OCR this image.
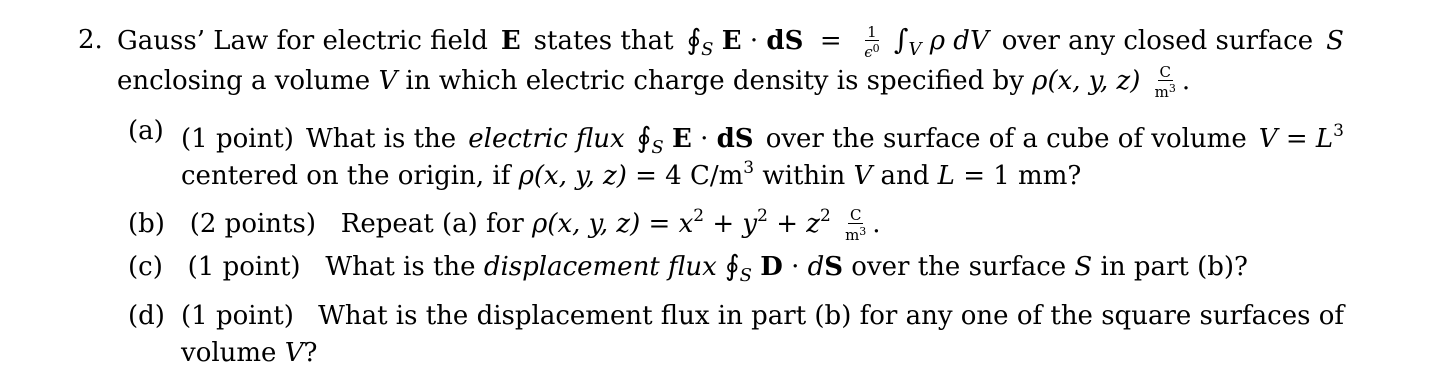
2. Gauss’ Law for electric field E states that $∮_S$ E · dS = $\frac{1}{\epsilon^0} \int_V$ ρ dV over any closed surface S
enclosing a volume V in which electric charge density is specified by ρ(x, y, $z) \frac{C}{m^3}$ .
(a) (1 point) What is the electric flux $∮_S$ E · dS over the surface of a cube of volume $V = L^3$
centered on the origin, if ρ(x, y, z) = 4 $C/m^3$ within V and L = 1 mm?
(b) (2 points) Repeat (a) for ρ(x, y, $z) = x^2 + y^2 + z^2 \frac{C}{m^3}$ .
(c) (1 point) What is the displacement flux $∮_S$ D · dS over the surface S in part (b)?
(d) (1 point) What is the displacement flux in part (b) for any one of the square surfaces of
volume V?
